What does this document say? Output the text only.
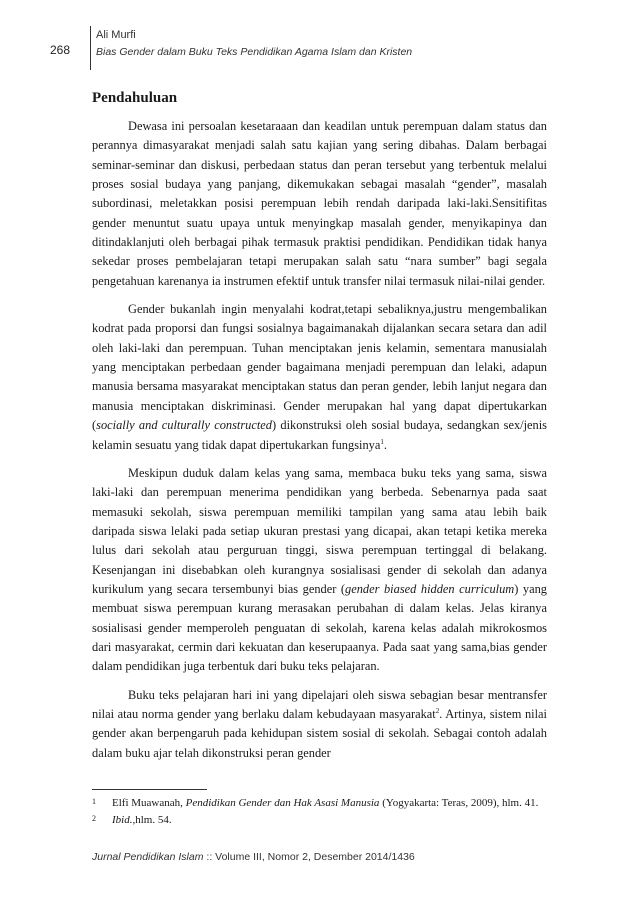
268
Ali Murfi
Bias Gender dalam Buku Teks Pendidikan Agama Islam dan Kristen
Pendahuluan

Dewasa ini persoalan kesetaraaan dan keadilan untuk perempuan dalam status dan perannya dimasyarakat menjadi salah satu kajian yang sering dibahas. Dalam berbagai seminar-seminar dan diskusi, perbedaan status dan peran tersebut yang terbentuk melalui proses sosial budaya yang panjang, dikemukakan sebagai masalah “gender”, masalah subordinasi, meletakkan posisi perempuan lebih rendah daripada laki-laki.Sensitifitas gender menuntut suatu upaya untuk menyingkap masalah gender, menyikapinya dan ditindaklanjuti oleh berbagai pihak termasuk praktisi pendidikan. Pendidikan tidak hanya sekedar proses pembelajaran tetapi merupakan salah satu “nara sumber” bagi segala pengetahuan karenanya ia instrumen efektif untuk transfer nilai termasuk nilai-nilai gender.

Gender bukanlah ingin menyalahi kodrat,tetapi sebaliknya,justru mengembalikan kodrat pada proporsi dan fungsi sosialnya bagaimanakah dijalankan secara setara dan adil oleh laki-laki dan perempuan. Tuhan menciptakan jenis kelamin, sementara manusialah yang menciptakan perbedaan gender bagaimana menjadi perempuan dan lelaki, adapun manusia bersama masyarakat menciptakan status dan peran gender, lebih lanjut negara dan manusia menciptakan diskriminasi. Gender merupakan hal yang dapat dipertukarkan (socially and culturally constructed) dikonstruksi oleh sosial budaya, sedangkan sex/jenis kelamin sesuatu yang tidak dapat dipertukarkan fungsinya$^1$.

Meskipun duduk dalam kelas yang sama, membaca buku teks yang sama, siswa laki-laki dan perempuan menerima pendidikan yang berbeda. Sebenarnya pada saat memasuki sekolah, siswa perempuan memiliki tampilan yang sama atau lebih baik daripada siswa lelaki pada setiap ukuran prestasi yang dicapai, akan tetapi ketika mereka lulus dari sekolah atau perguruan tinggi, siswa perempuan tertinggal di belakang. Kesenjangan ini disebabkan oleh kurangnya sosialisasi gender di sekolah dan adanya kurikulum yang secara tersembunyi bias gender (gender biased hidden curriculum) yang membuat siswa perempuan kurang merasakan perubahan di dalam kelas. Jelas kiranya sosialisasi gender memperoleh penguatan di sekolah, karena kelas adalah mikrokosmos dari masyarakat, cermin dari kekuatan dan keserupaanya. Pada saat yang sama,bias gender dalam pendidikan juga terbentuk dari buku teks pelajaran.

Buku teks pelajaran hari ini yang dipelajari oleh siswa sebagian besar mentransfer nilai atau norma gender yang berlaku dalam kebudayaan masyarakat$^2$. Artinya, sistem nilai gender akan berpengaruh pada kehidupan sistem sosial di sekolah. Sebagai contoh adalah dalam buku ajar telah dikonstruksi peran gender

1	Elfi Muawanah, Pendidikan Gender dan Hak Asasi Manusia (Yogyakarta: Teras, 2009), hlm. 41.
2	Ibid.,hlm. 54.
Jurnal Pendidikan Islam :: Volume III, Nomor 2, Desember 2014/1436
